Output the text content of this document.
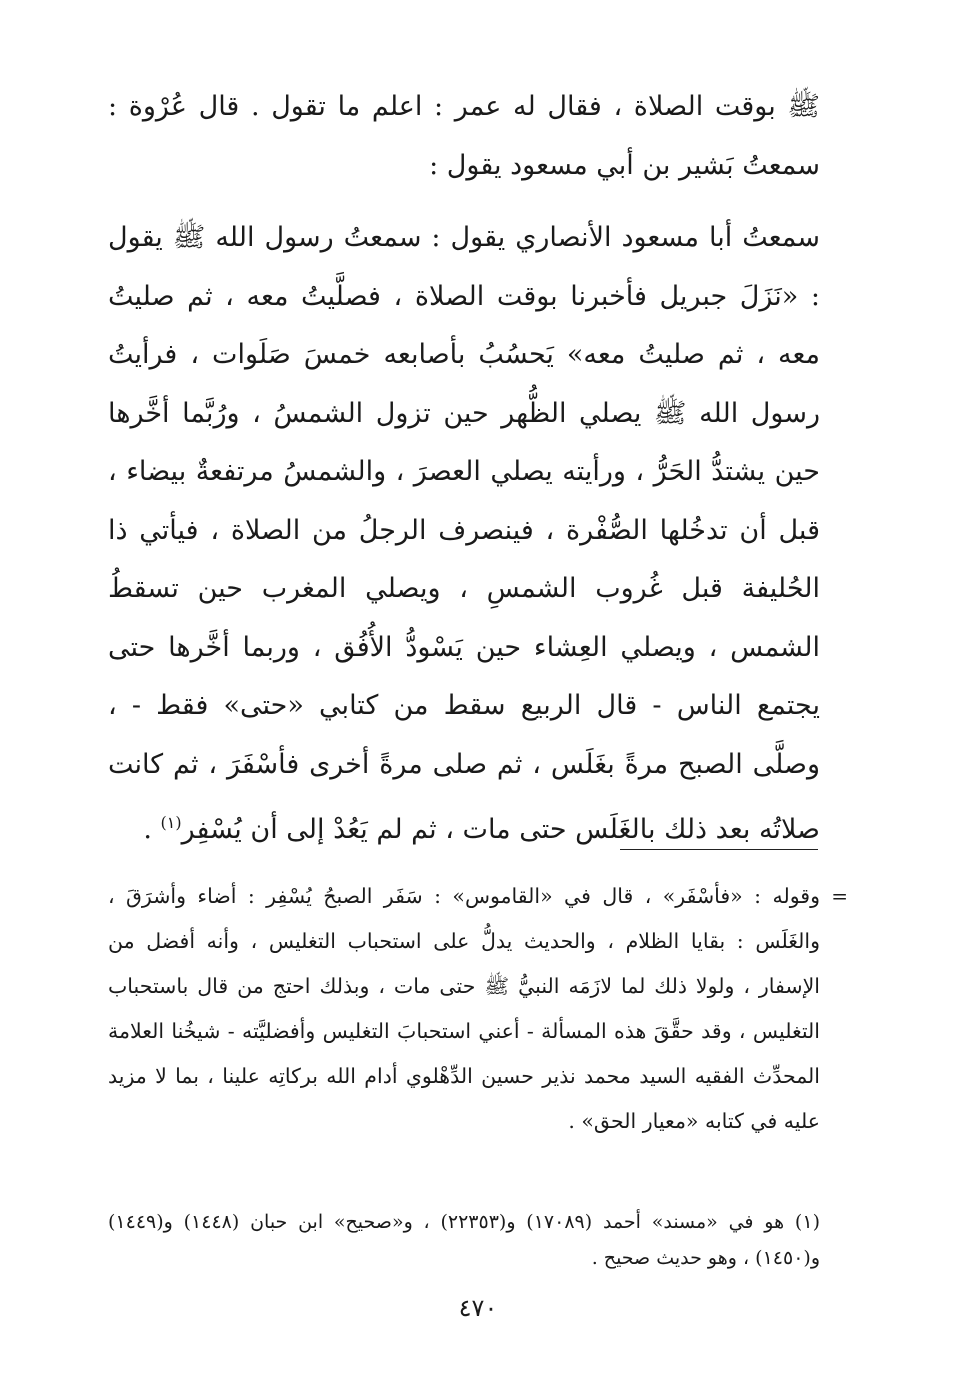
ﷺ بوقت الصلاة ، فقال له عمر : اعلم ما تقول . قال عُرْوة : سمعتُ بَشير بن أبي مسعود يقول :

سمعتُ أبا مسعود الأنصاري يقول : سمعتُ رسول الله ﷺ يقول : «نَزَلَ جبريل فأخبرنا بوقت الصلاة ، فصلَّيتُ معه ، ثم صليتُ معه ، ثم صليتُ معه» يَحسُبُ بأصابعه خمسَ صَلَوات ، فرأيتُ رسول الله ﷺ يصلي الظُّهر حين تزول الشمسُ ، ورُبَّما أخَّرها حين يشتدُّ الحَرُّ ، ورأيته يصلي العصرَ ، والشمسُ مرتفعةٌ بيضاء ، قبل أن تدخُلها الصُّفْرة ، فينصرف الرجلُ من الصلاة ، فيأتي ذا الحُليفة قبل غُروب الشمسِ ، ويصلي المغرب حين تسقطُ الشمس ، ويصلي العِشاء حين يَسْودُّ الأُفُق ، وربما أخَّرها حتى يجتمع الناس - قال الربيع سقط من كتابي «حتى» فقط - ، وصلَّى الصبح مرةً بغَلَس ، ثم صلى مرةً أخرى فأسْفَرَ ، ثم كانت صلاتُه بعد ذلك بالغَلَس حتى مات ، ثم لم يَعُدْ إلى أن يُسْفِر$^{(١)}$ .

=

وقوله : «فأسْفَر» ، قال في «القاموس» : سَفَر الصبحُ يُسْفِر : أضاء وأشرَقَ ، والغَلَس : بقايا الظلام ، والحديث يدلُّ على استحباب التغليس ، وأنه أفضل من الإسفار ، ولولا ذلك لما لازَمَه النبيُّ ﷺ حتى مات ، وبذلك احتج من قال باستحباب التغليس ، وقد حقَّقَ هذه المسألة - أعني استحبابَ التغليس وأفضليَّته - شيخُنا العلامة المحدِّث الفقيه السيد محمد نذير حسين الدِّهْلوي أدام الله بركاتِه علينا ، بما لا مزيد عليه في كتابه «معيار الحق» .

(١) هو في «مسند» أحمد (١٧٠٨٩) و(٢٢٣٥٣) ، و«صحيح» ابن حبان (١٤٤٨) و(١٤٤٩) و(١٤٥٠) ، وهو حديث صحيح .

٤٧٠
